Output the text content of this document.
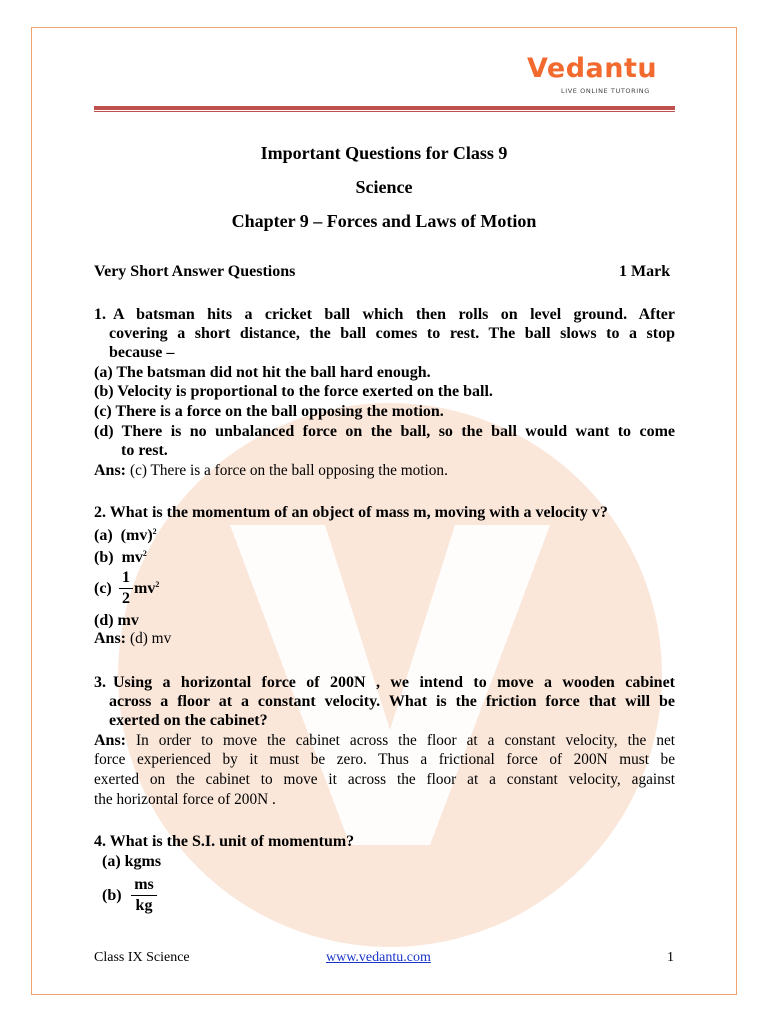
Vedantu
LIVE ONLINE TUTORING
Important Questions for Class 9
Science
Chapter 9 – Forces and Laws of Motion
Very Short Answer Questions	1 Mark
1. A batsman hits a cricket ball which then rolls on level ground. After
covering a short distance, the ball comes to rest. The ball slows to a stop
because –
(a) The batsman did not hit the ball hard enough.
(b) Velocity is proportional to the force exerted on the ball.
(c) There is a force on the ball opposing the motion.
(d) There is no unbalanced force on the ball, so the ball would want to come
to rest.
Ans: (c) There is a force on the ball opposing the motion.
2. What is the momentum of an object of mass m, moving with a velocity v?
(a) (mv)$^2$
(b) $mv^2$
(c)
1
2
$mv^2$
(d) mv
Ans: (d) mv
3. Using a horizontal force of 200N , we intend to move a wooden cabinet
across a floor at a constant velocity. What is the friction force that will be
exerted on the cabinet?
Ans: In order to move the cabinet across the floor at a constant velocity, the net
force experienced by it must be zero. Thus a frictional force of 200N must be
exerted on the cabinet to move it across the floor at a constant velocity, against
the horizontal force of 200N .
4. What is the S.I. unit of momentum?
(a) kgms
(b)
ms
kg
Class IX Science	www.vedantu.com	1
